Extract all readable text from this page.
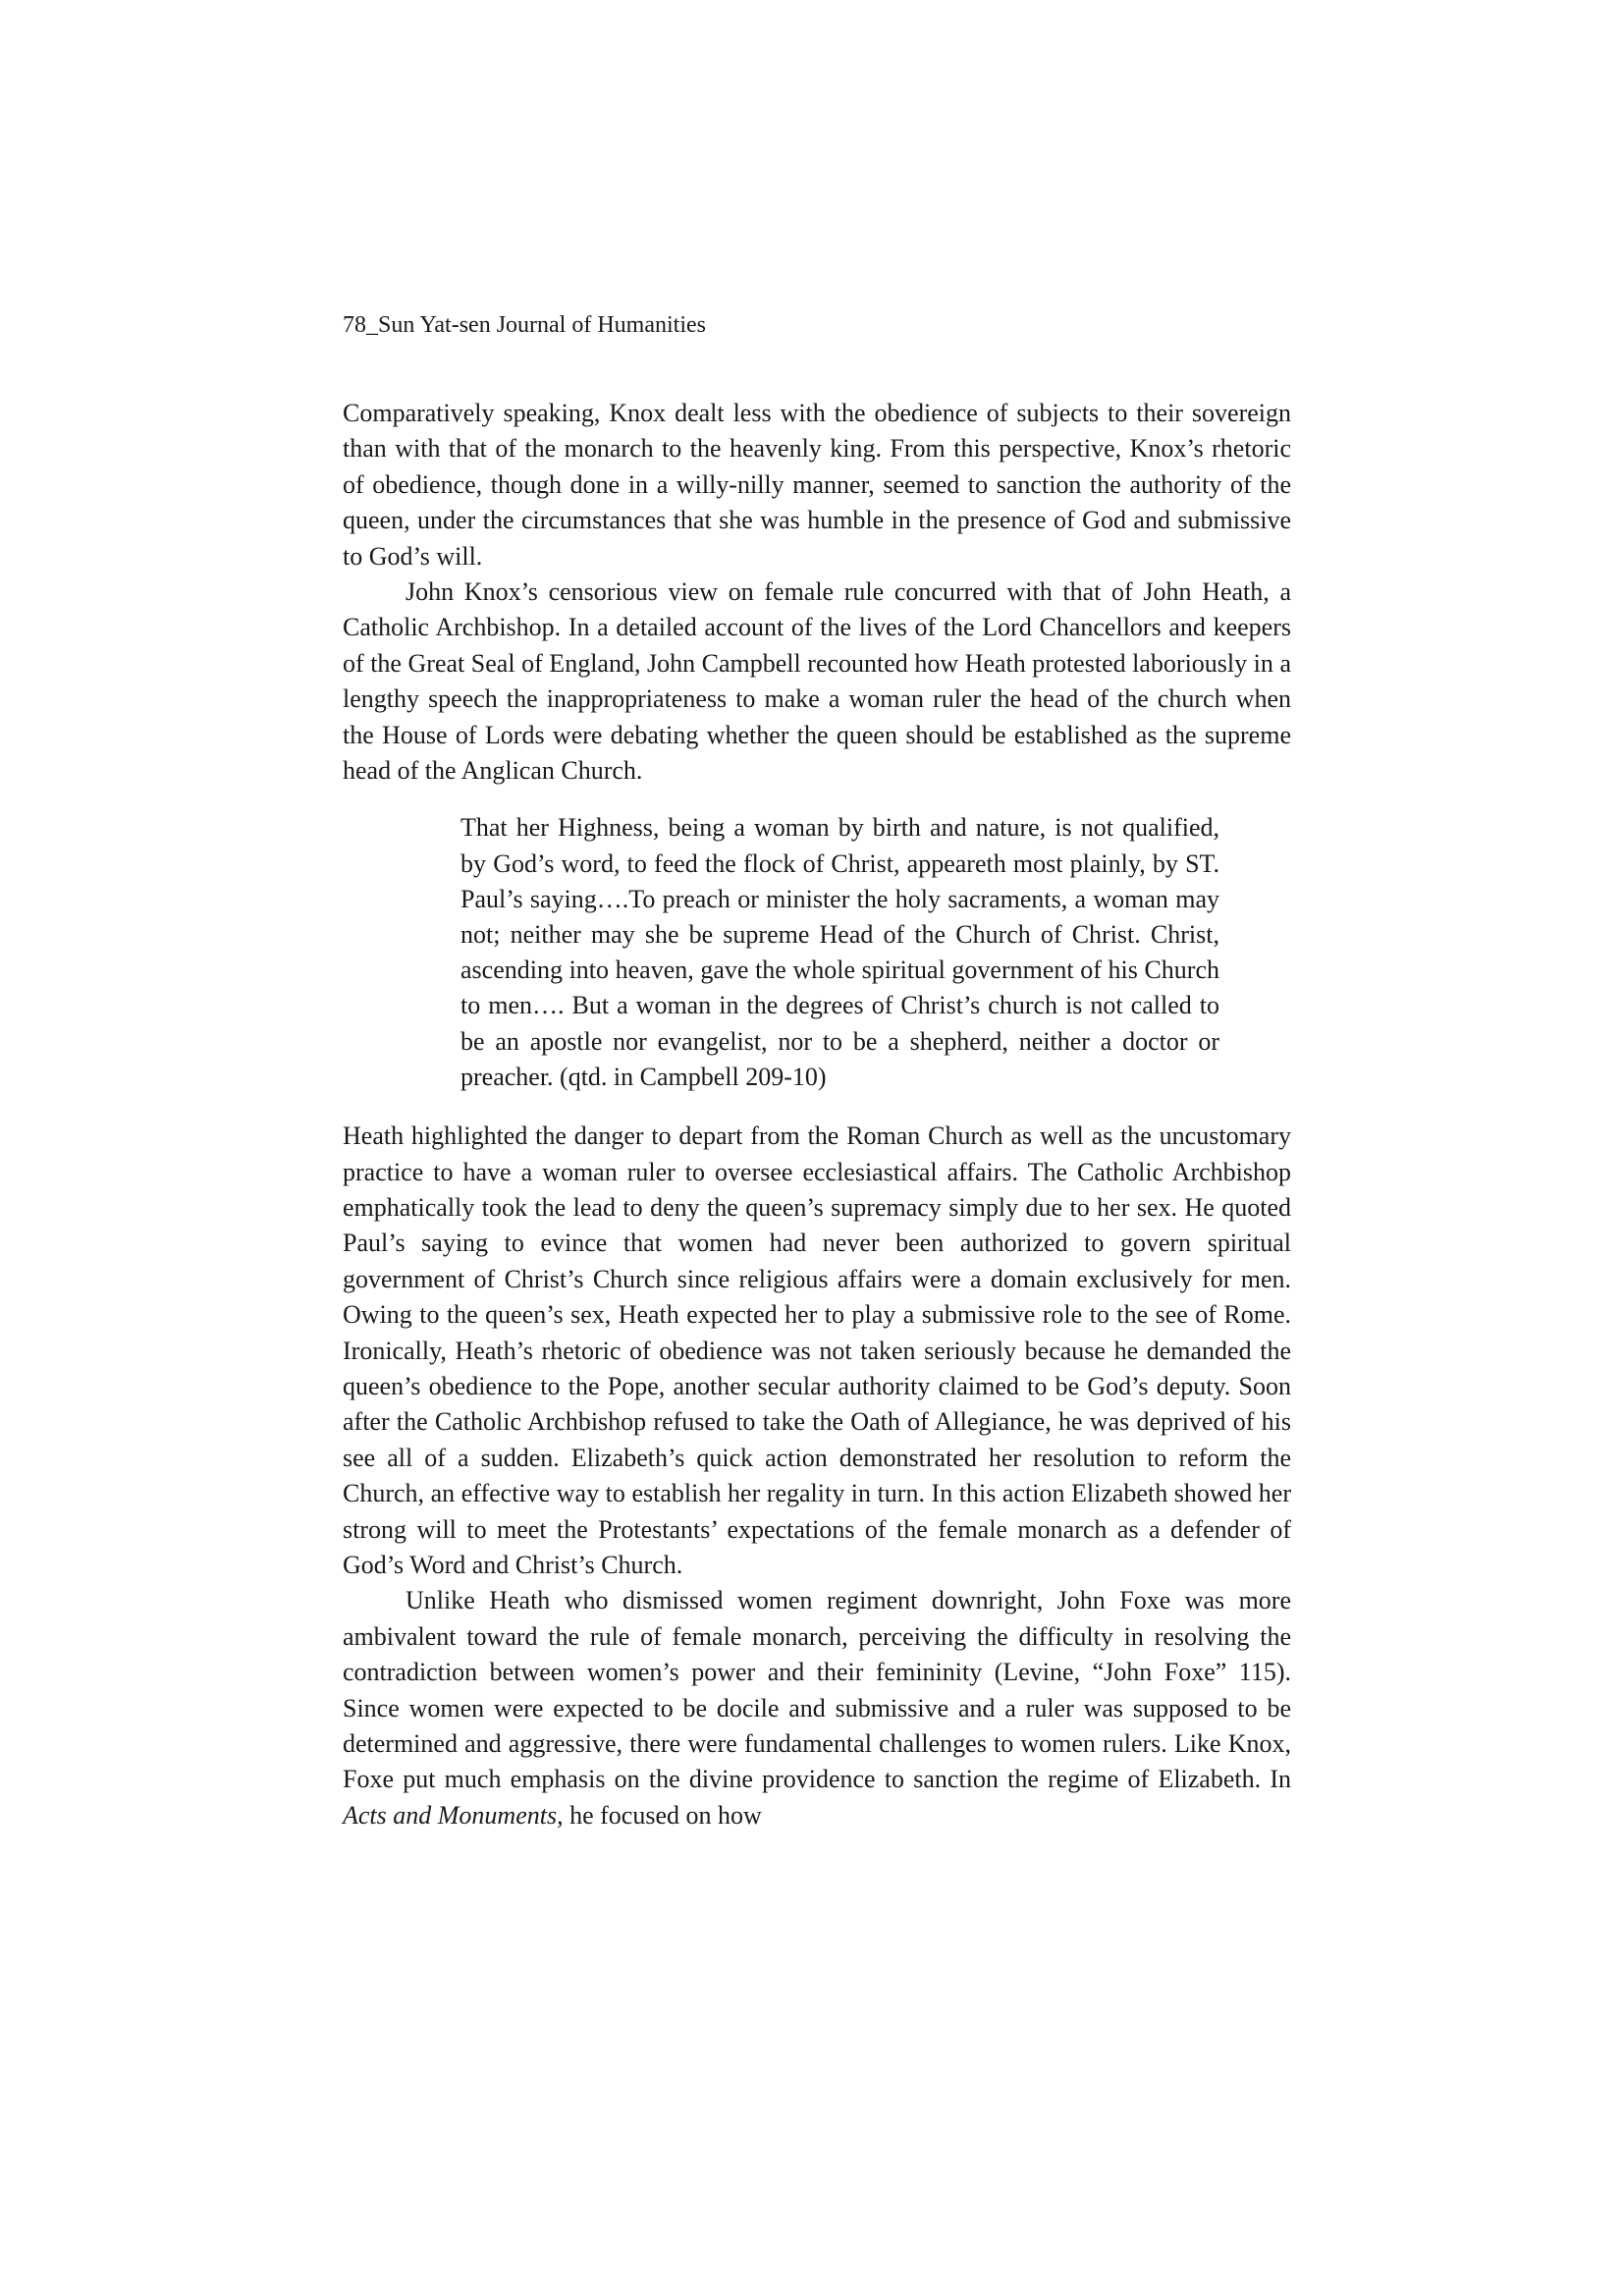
78_Sun Yat-sen Journal of Humanities

Comparatively speaking, Knox dealt less with the obedience of subjects to their sovereign than with that of the monarch to the heavenly king. From this perspective, Knox’s rhetoric of obedience, though done in a willy-nilly manner, seemed to sanction the authority of the queen, under the circumstances that she was humble in the presence of God and submissive to God’s will.

John Knox’s censorious view on female rule concurred with that of John Heath, a Catholic Archbishop. In a detailed account of the lives of the Lord Chancellors and keepers of the Great Seal of England, John Campbell recounted how Heath protested laboriously in a lengthy speech the inappropriateness to make a woman ruler the head of the church when the House of Lords were debating whether the queen should be established as the supreme head of the Anglican Church.

That her Highness, being a woman by birth and nature, is not qualified, by God’s word, to feed the flock of Christ, appeareth most plainly, by ST. Paul’s saying….To preach or minister the holy sacraments, a woman may not; neither may she be supreme Head of the Church of Christ. Christ, ascending into heaven, gave the whole spiritual government of his Church to men…. But a woman in the degrees of Christ’s church is not called to be an apostle nor evangelist, nor to be a shepherd, neither a doctor or preacher. (qtd. in Campbell 209-10)

Heath highlighted the danger to depart from the Roman Church as well as the uncustomary practice to have a woman ruler to oversee ecclesiastical affairs. The Catholic Archbishop emphatically took the lead to deny the queen’s supremacy simply due to her sex. He quoted Paul’s saying to evince that women had never been authorized to govern spiritual government of Christ’s Church since religious affairs were a domain exclusively for men. Owing to the queen’s sex, Heath expected her to play a submissive role to the see of Rome. Ironically, Heath’s rhetoric of obedience was not taken seriously because he demanded the queen’s obedience to the Pope, another secular authority claimed to be God’s deputy. Soon after the Catholic Archbishop refused to take the Oath of Allegiance, he was deprived of his see all of a sudden. Elizabeth’s quick action demonstrated her resolution to reform the Church, an effective way to establish her regality in turn. In this action Elizabeth showed her strong will to meet the Protestants’ expectations of the female monarch as a defender of God’s Word and Christ’s Church.

Unlike Heath who dismissed women regiment downright, John Foxe was more ambivalent toward the rule of female monarch, perceiving the difficulty in resolving the contradiction between women’s power and their femininity (Levine, “John Foxe” 115). Since women were expected to be docile and submissive and a ruler was supposed to be determined and aggressive, there were fundamental challenges to women rulers. Like Knox, Foxe put much emphasis on the divine providence to sanction the regime of Elizabeth. In Acts and Monuments, he focused on how
